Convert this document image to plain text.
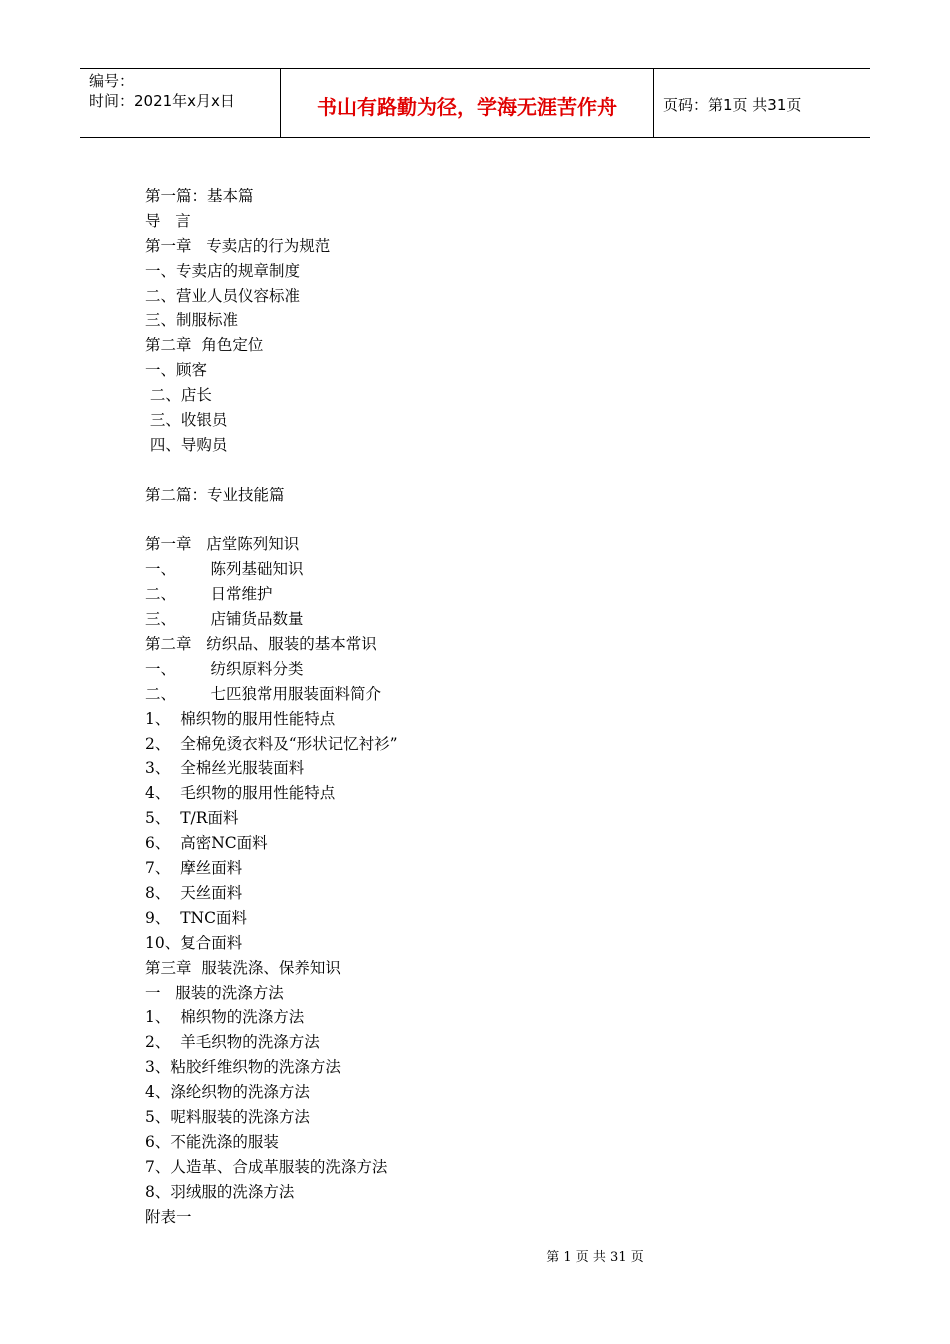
编号：
时间：2021年x月x日	书山有路勤为径，学海无涯苦作舟	页码：第1页 共31页
第一篇：基本篇
导   言
第一章   专卖店的行为规范
一、专卖店的规章制度
二、营业人员仪容标准
三、制服标准
第二章  角色定位
一、顾客
二、店长
三、收银员
四、导购员
第二篇：专业技能篇
第一章   店堂陈列知识
一、       陈列基础知识
二、       日常维护
三、       店铺货品数量
第二章   纺织品、服装的基本常识
一、       纺织原料分类
二、       七匹狼常用服装面料简介
1、  棉织物的服用性能特点
2、  全棉免烫衣料及“形状记忆衬衫”
3、  全棉丝光服装面料
4、  毛织物的服用性能特点
5、  T/R面料
6、  高密NC面料
7、  摩丝面料
8、  天丝面料
9、  TNC面料
10、复合面料
第三章  服装洗涤、保养知识
一   服装的洗涤方法
1、  棉织物的洗涤方法
2、  羊毛织物的洗涤方法
3、粘胶纤维织物的洗涤方法
4、涤纶织物的洗涤方法
5、呢料服装的洗涤方法
6、不能洗涤的服装
7、人造革、合成革服装的洗涤方法
8、羽绒服的洗涤方法
附表一
第 1 页 共 31 页
